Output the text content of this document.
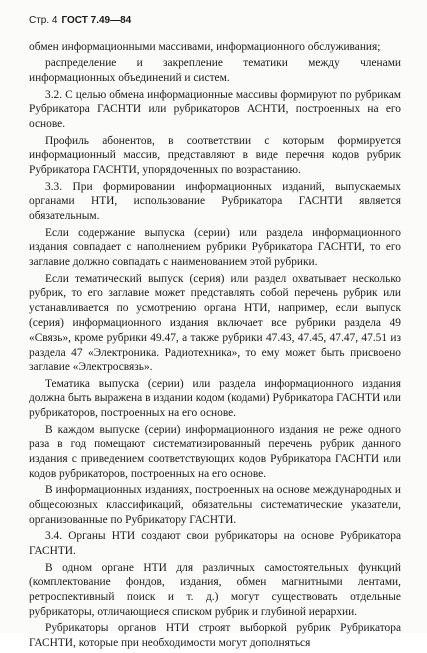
Стр. 4 ГОСТ 7.49—84

обмен информационными массивами, информационного обслуживания;

распределение и закрепление тематики между членами информационных объединений и систем.

3.2. С целью обмена информационные массивы формируют по рубрикам Рубрикатора ГАСНТИ или рубрикаторов АСНТИ, построенных на его основе.

Профиль абонентов, в соответствии с которым формируется информационный массив, представляют в виде перечня кодов рубрик Рубрикатора ГАСНТИ, упорядоченных по возрастанию.

3.3. При формировании информационных изданий, выпускаемых органами НТИ, использование Рубрикатора ГАСНТИ является обязательным.

Если содержание выпуска (серии) или раздела информационного издания совпадает с наполнением рубрики Рубрикатора ГАСНТИ, то его заглавие должно совпадать с наименованием этой рубрики.

Если тематический выпуск (серия) или раздел охватывает несколько рубрик, то его заглавие может представлять собой перечень рубрик или устанавливается по усмотрению органа НТИ, например, если выпуск (серия) информационного издания включает все рубрики раздела 49 «Связь», кроме рубрики 49.47, а также рубрики 47.43, 47.45, 47.47, 47.51 из раздела 47 «Электроника. Радиотехника», то ему может быть присвоено заглавие «Электросвязь».

Тематика выпуска (серии) или раздела информационного издания должна быть выражена в издании кодом (кодами) Рубрикатора ГАСНТИ или рубрикаторов, построенных на его основе.

В каждом выпуске (серии) информационного издания не реже одного раза в год помещают систематизированный перечень рубрик данного издания с приведением соответствующих кодов Рубрикатора ГАСНТИ или кодов рубрикаторов, построенных на его основе.

В информационных изданиях, построенных на основе международных и общесоюзных классификаций, обязательны систематические указатели, организованные по Рубрикатору ГАСНТИ.

3.4. Органы НТИ создают свои рубрикаторы на основе Рубрикатора ГАСНТИ.

В одном органе НТИ для различных самостоятельных функций (комплектование фондов, издания, обмен магнитными лентами, ретроспективный поиск и т. д.) могут существовать отдельные рубрикаторы, отличающиеся списком рубрик и глубиной иерархии.

Рубрикаторы органов НТИ строят выборкой рубрик Рубрикатора ГАСНТИ, которые при необходимости могут дополняться
